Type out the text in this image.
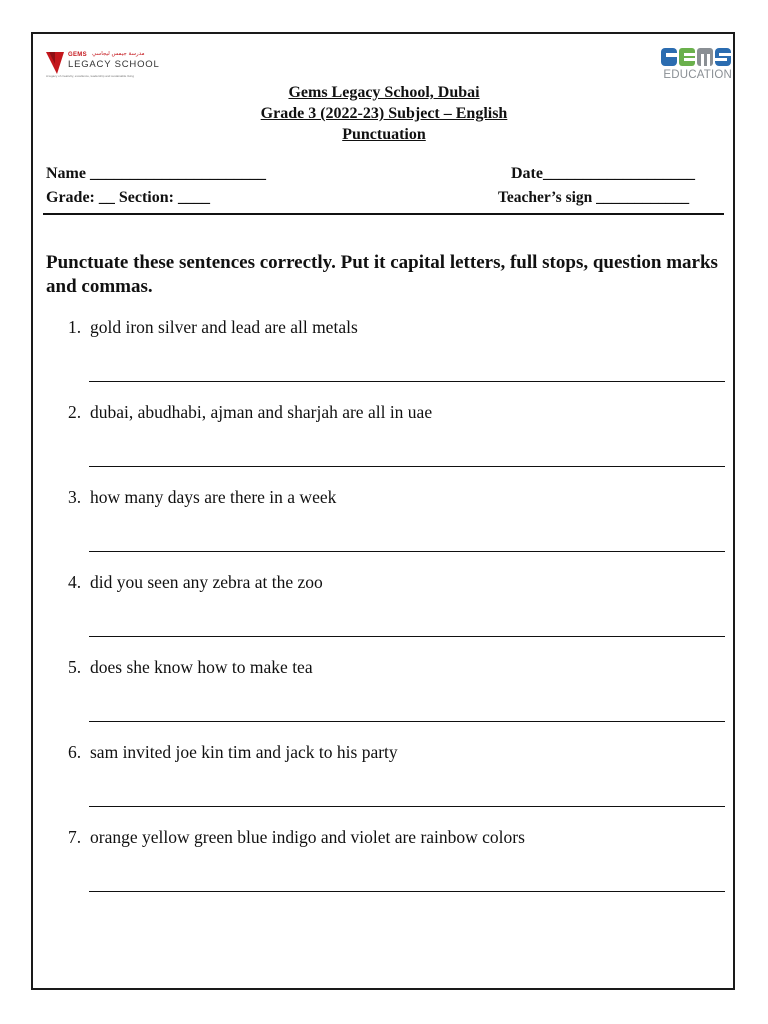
GEMS مدرسة جيمس ليجاسي
LEGACY SCHOOL
A legacy of creativity, excellence, leadership and sustainable living	EDUCATION
Gems Legacy School, Dubai
Grade 3 (2022-23) Subject – English
Punctuation
Name ______________________
Grade: __ Section: ____
Date___________________
Teacher’s sign ____________
Punctuate these sentences correctly. Put it capital letters, full stops, question marks and commas.
1. gold iron silver and lead are all metals
2. dubai, abudhabi, ajman and sharjah are all in uae
3. how many days are there in a week
4. did you seen any zebra at the zoo
5. does she know how to make tea
6. sam invited joe kin tim and jack to his party
7. orange yellow green blue indigo and violet are rainbow colors
